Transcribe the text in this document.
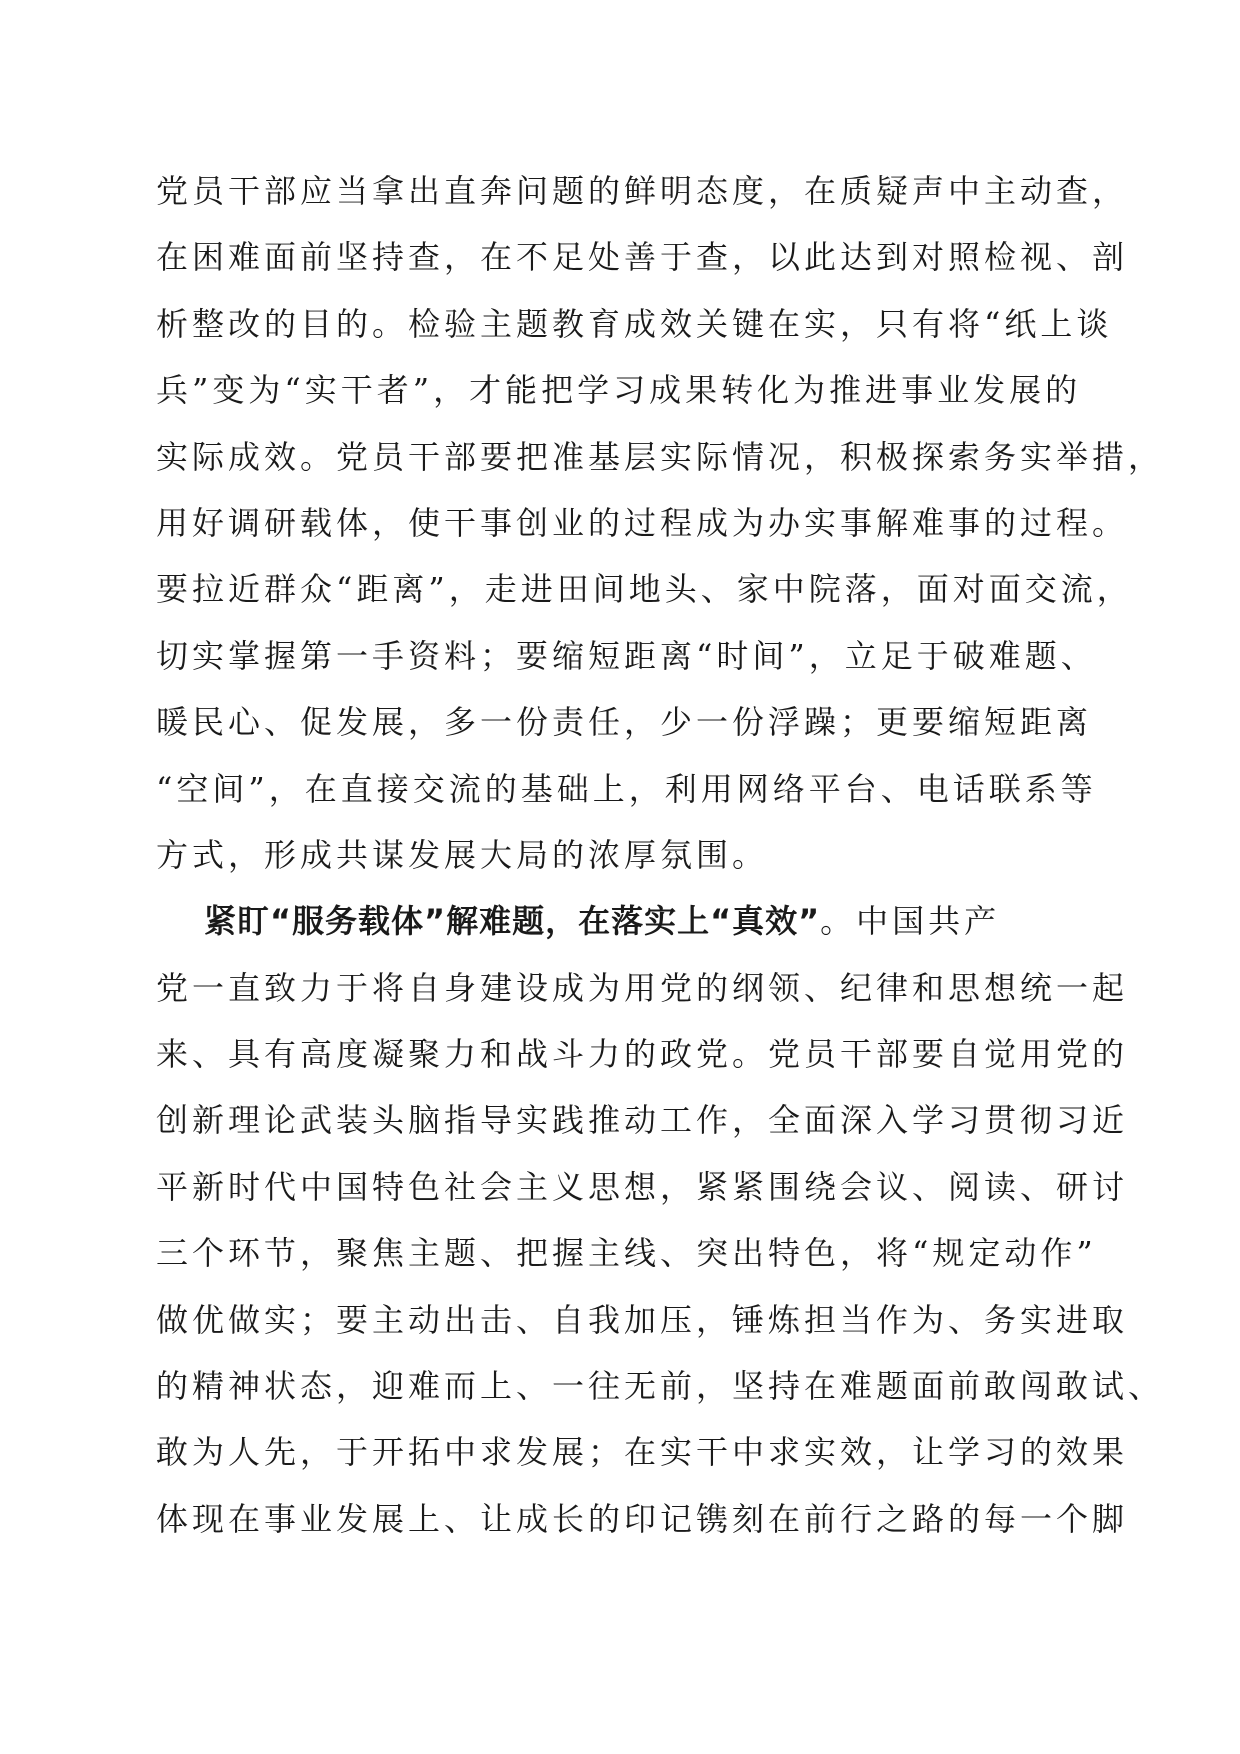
党员干部应当拿出直奔问题的鲜明态度，在质疑声中主动查，
在困难面前坚持查，在不足处善于查，以此达到对照检视、剖
析整改的目的。检验主题教育成效关键在实，只有将“纸上谈
兵”变为“实干者”，才能把学习成果转化为推进事业发展的
实际成效。党员干部要把准基层实际情况，积极探索务实举措，
用好调研载体，使干事创业的过程成为办实事解难事的过程。
要拉近群众“距离”，走进田间地头、家中院落，面对面交流，
切实掌握第一手资料；要缩短距离“时间”，立足于破难题、
暖民心、促发展，多一份责任，少一份浮躁；更要缩短距离
“空间”，在直接交流的基础上，利用网络平台、电话联系等
方式，形成共谋发展大局的浓厚氛围。
紧盯“服务载体”解难题，在落实上“真效”。中国共产
党一直致力于将自身建设成为用党的纲领、纪律和思想统一起
来、具有高度凝聚力和战斗力的政党。党员干部要自觉用党的
创新理论武装头脑指导实践推动工作，全面深入学习贯彻习近
平新时代中国特色社会主义思想，紧紧围绕会议、阅读、研讨
三个环节，聚焦主题、把握主线、突出特色，将“规定动作”
做优做实；要主动出击、自我加压，锤炼担当作为、务实进取
的精神状态，迎难而上、一往无前，坚持在难题面前敢闯敢试、
敢为人先，于开拓中求发展；在实干中求实效，让学习的效果
体现在事业发展上、让成长的印记镌刻在前行之路的每一个脚
